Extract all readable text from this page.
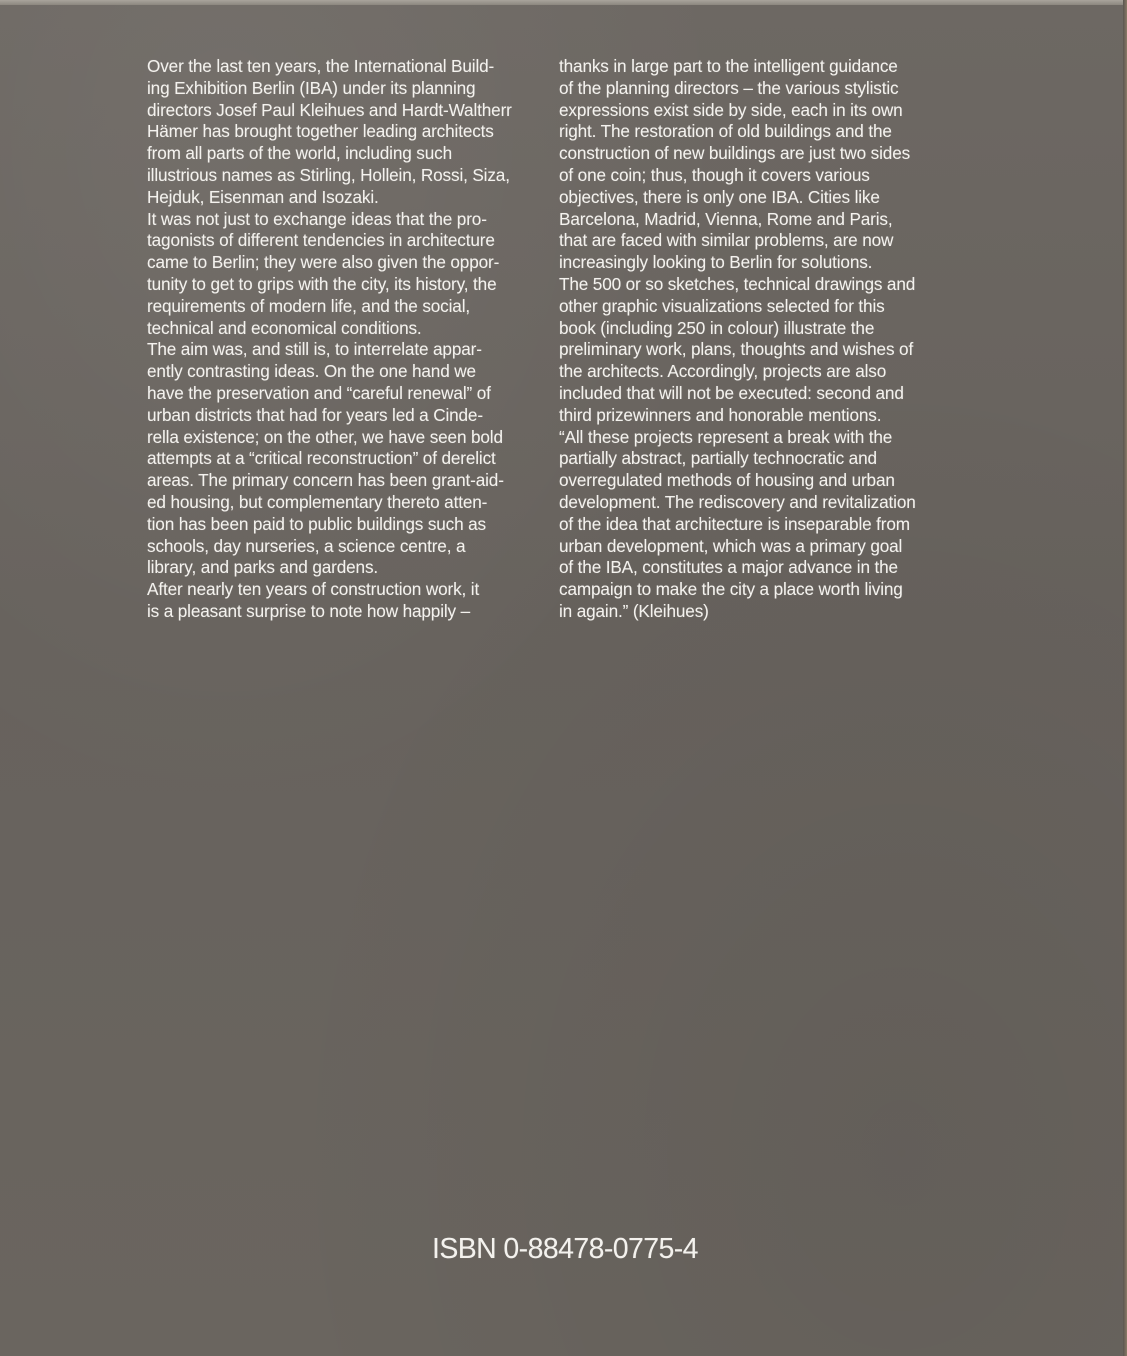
Over the last ten years, the International Build-
ing Exhibition Berlin (IBA) under its planning
directors Josef Paul Kleihues and Hardt-Waltherr
Hämer has brought together leading architects
from all parts of the world, including such
illustrious names as Stirling, Hollein, Rossi, Siza,
Hejduk, Eisenman and Isozaki.
It was not just to exchange ideas that the pro-
tagonists of different tendencies in architecture
came to Berlin; they were also given the oppor-
tunity to get to grips with the city, its history, the
requirements of modern life, and the social,
technical and economical conditions.
The aim was, and still is, to interrelate appar-
ently contrasting ideas. On the one hand we
have the preservation and “careful renewal” of
urban districts that had for years led a Cinde-
rella existence; on the other, we have seen bold
attempts at a “critical reconstruction” of derelict
areas. The primary concern has been grant-aid-
ed housing, but complementary thereto atten-
tion has been paid to public buildings such as
schools, day nurseries, a science centre, a
library, and parks and gardens.
After nearly ten years of construction work, it
is a pleasant surprise to note how happily –
thanks in large part to the intelligent guidance
of the planning directors – the various stylistic
expressions exist side by side, each in its own
right. The restoration of old buildings and the
construction of new buildings are just two sides
of one coin; thus, though it covers various
objectives, there is only one IBA. Cities like
Barcelona, Madrid, Vienna, Rome and Paris,
that are faced with similar problems, are now
increasingly looking to Berlin for solutions.
The 500 or so sketches, technical drawings and
other graphic visualizations selected for this
book (including 250 in colour) illustrate the
preliminary work, plans, thoughts and wishes of
the architects. Accordingly, projects are also
included that will not be executed: second and
third prizewinners and honorable mentions.
“All these projects represent a break with the
partially abstract, partially technocratic and
overregulated methods of housing and urban
development. The rediscovery and revitalization
of the idea that architecture is inseparable from
urban development, which was a primary goal
of the IBA, constitutes a major advance in the
campaign to make the city a place worth living
in again.” (Kleihues)
ISBN 0-88478-0775-4
